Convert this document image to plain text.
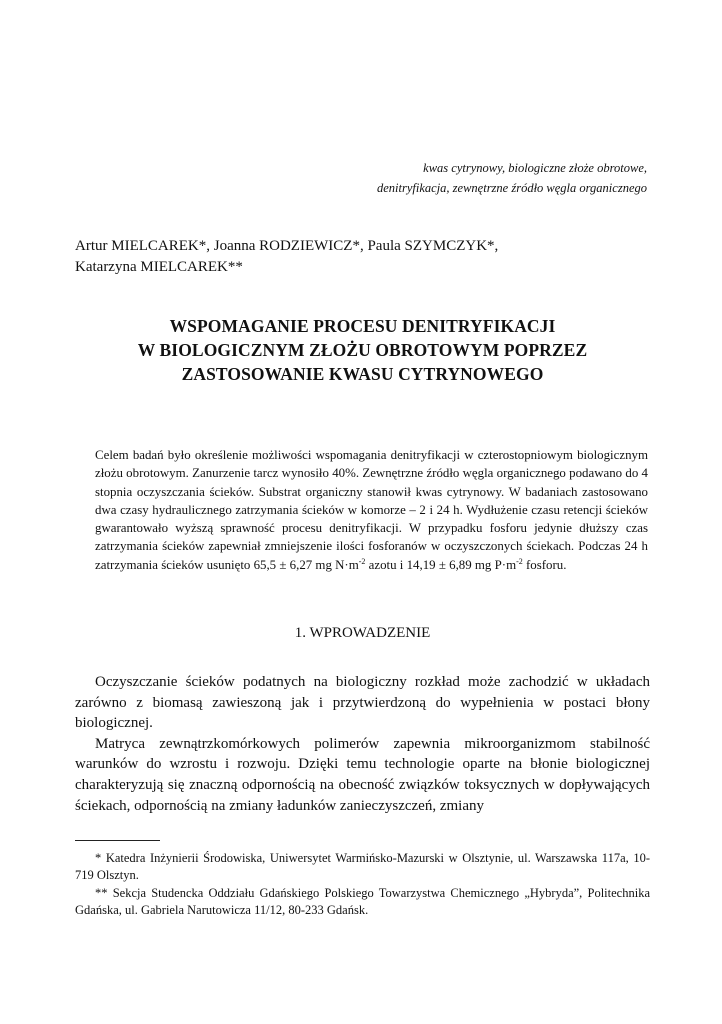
kwas cytrynowy, biologiczne złoże obrotowe,
denitryfikacja, zewnętrzne źródło węgla organicznego
Artur MIELCAREK*, Joanna RODZIEWICZ*, Paula SZYMCZYK*,
Katarzyna MIELCAREK**
WSPOMAGANIE PROCESU DENITRYFIKACJI
W BIOLOGICZNYM ZŁOŻU OBROTOWYM POPRZEZ
ZASTOSOWANIE KWASU CYTRYNOWEGO

Celem badań było określenie możliwości wspomagania denitryfikacji w czterostopniowym biologicznym złożu obrotowym. Zanurzenie tarcz wynosiło 40%. Zewnętrzne źródło węgla organicznego podawano do 4 stopnia oczyszczania ścieków. Substrat organiczny stanowił kwas cytrynowy. W badaniach zastosowano dwa czasy hydraulicznego zatrzymania ścieków w komorze – 2 i 24 h. Wydłużenie czasu retencji ścieków gwarantowało wyższą sprawność procesu denitryfikacji. W przypadku fosforu jedynie dłuższy czas zatrzymania ścieków zapewniał zmniejszenie ilości fosforanów w oczyszczonych ściekach. Podczas 24 h zatrzymania ścieków usunięto 65,5 ± 6,27 mg $N\cdot m^{-2}$ azotu i 14,19 ± 6,89 mg $P\cdot m^{-2}$ fosforu.

1. WPROWADZENIE

Oczyszczanie ścieków podatnych na biologiczny rozkład może zachodzić w układach zarówno z biomasą zawieszoną jak i przytwierdzoną do wypełnienia w postaci błony biologicznej.

Matryca zewnątrzkomórkowych polimerów zapewnia mikroorganizmom stabilność warunków do wzrostu i rozwoju. Dzięki temu technologie oparte na błonie biologicznej charakteryzują się znaczną odpornością na obecność związków toksycznych w dopływających ściekach, odpornością na zmiany ładunków zanieczyszczeń, zmiany

* Katedra Inżynierii Środowiska, Uniwersytet Warmińsko-Mazurski w Olsztynie, ul. Warszawska 117a, 10-719 Olsztyn.

** Sekcja Studencka Oddziału Gdańskiego Polskiego Towarzystwa Chemicznego „Hybryda”, Politechnika Gdańska, ul. Gabriela Narutowicza 11/12, 80-233 Gdańsk.
